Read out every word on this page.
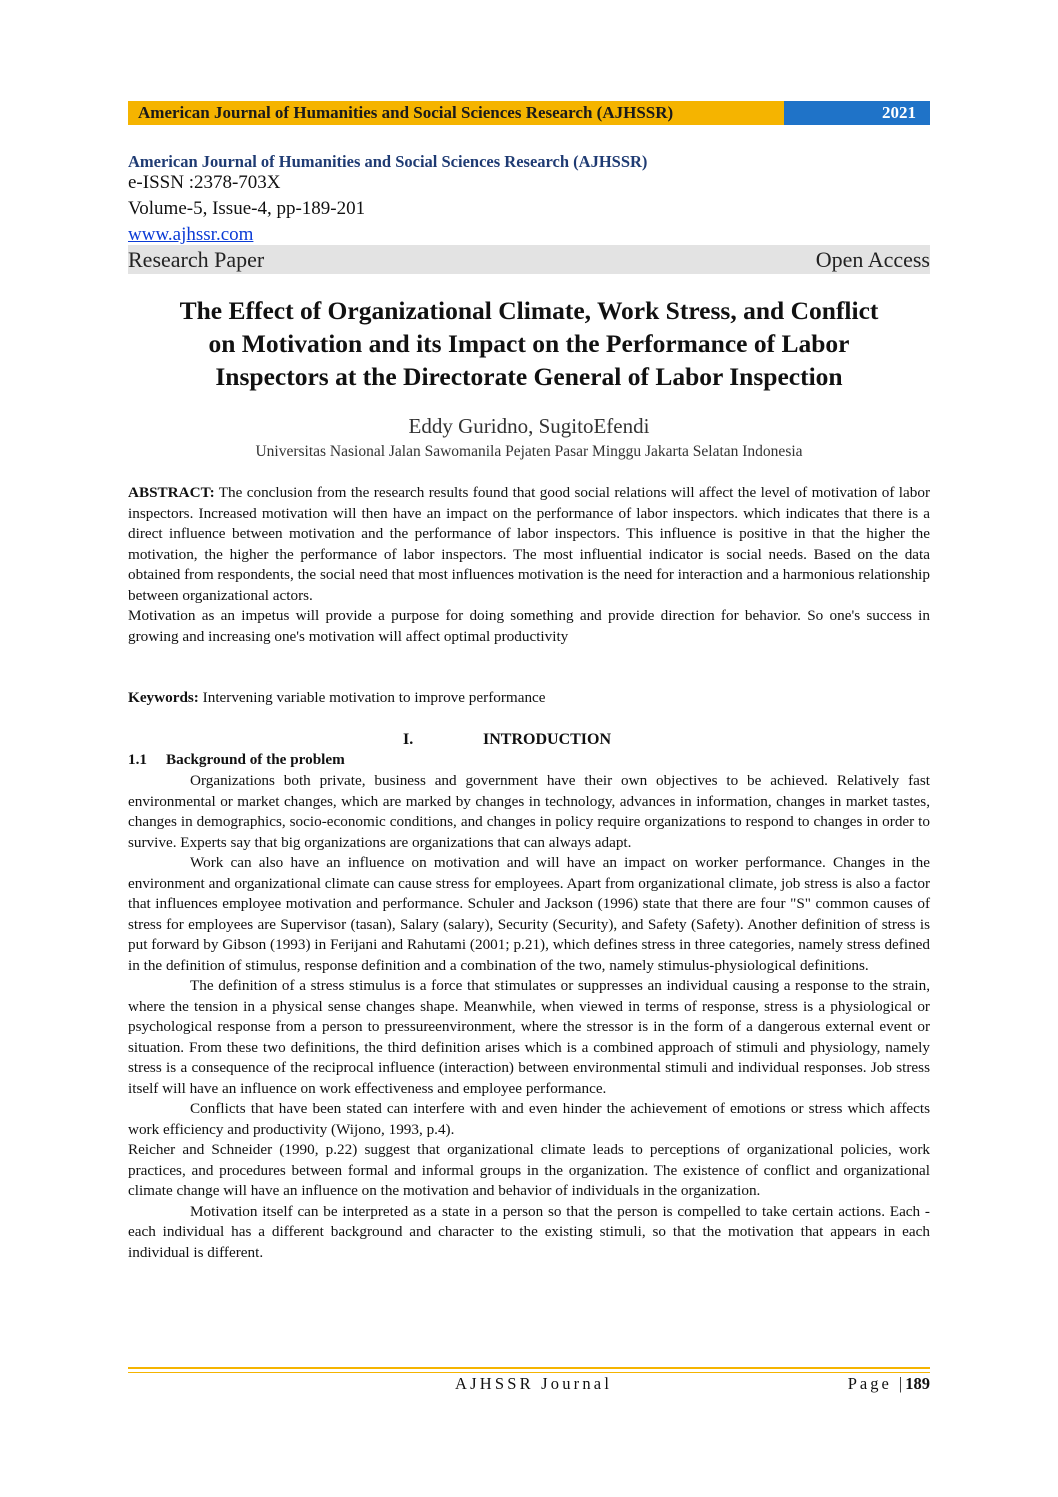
American Journal of Humanities and Social Sciences Research (AJHSSR)	2021
American Journal of Humanities and Social Sciences Research (AJHSSR)
e-ISSN :2378-703X
Volume-5, Issue-4, pp-189-201
www.ajhssr.com
Research Paper	Open Access
The Effect of Organizational Climate, Work Stress, and Conflict
on Motivation and its Impact on the Performance of Labor
Inspectors at the Directorate General of Labor Inspection
Eddy Guridno, SugitoEfendi
Universitas Nasional Jalan Sawomanila Pejaten Pasar Minggu Jakarta Selatan Indonesia

ABSTRACT: The conclusion from the research results found that good social relations will affect the level of motivation of labor inspectors. Increased motivation will then have an impact on the performance of labor inspectors. which indicates that there is a direct influence between motivation and the performance of labor inspectors. This influence is positive in that the higher the motivation, the higher the performance of labor inspectors. The most influential indicator is social needs. Based on the data obtained from respondents, the social need that most influences motivation is the need for interaction and a harmonious relationship between organizational actors.

Motivation as an impetus will provide a purpose for doing something and provide direction for behavior. So one's success in growing and increasing one's motivation will affect optimal productivity

Keywords: Intervening variable motivation to improve performance
I.	INTRODUCTION
1.1 Background of the problem

Organizations both private, business and government have their own objectives to be achieved. Relatively fast environmental or market changes, which are marked by changes in technology, advances in information, changes in market tastes, changes in demographics, socio-economic conditions, and changes in policy require organizations to respond to changes in order to survive. Experts say that big organizations are organizations that can always adapt.

Work can also have an influence on motivation and will have an impact on worker performance. Changes in the environment and organizational climate can cause stress for employees. Apart from organizational climate, job stress is also a factor that influences employee motivation and performance. Schuler and Jackson (1996) state that there are four "S" common causes of stress for employees are Supervisor (tasan), Salary (salary), Security (Security), and Safety (Safety). Another definition of stress is put forward by Gibson (1993) in Ferijani and Rahutami (2001; p.21), which defines stress in three categories, namely stress defined in the definition of stimulus, response definition and a combination of the two, namely stimulus-physiological definitions.

The definition of a stress stimulus is a force that stimulates or suppresses an individual causing a response to the strain, where the tension in a physical sense changes shape. Meanwhile, when viewed in terms of response, stress is a physiological or psychological response from a person to pressureenvironment, where the stressor is in the form of a dangerous external event or situation. From these two definitions, the third definition arises which is a combined approach of stimuli and physiology, namely stress is a consequence of the reciprocal influence (interaction) between environmental stimuli and individual responses. Job stress itself will have an influence on work effectiveness and employee performance.

Conflicts that have been stated can interfere with and even hinder the achievement of emotions or stress which affects work efficiency and productivity (Wijono, 1993, p.4).

Reicher and Schneider (1990, p.22) suggest that organizational climate leads to perceptions of organizational policies, work practices, and procedures between formal and informal groups in the organization. The existence of conflict and organizational climate change will have an influence on the motivation and behavior of individuals in the organization.

Motivation itself can be interpreted as a state in a person so that the person is compelled to take certain actions. Each - each individual has a different background and character to the existing stimuli, so that the motivation that appears in each individual is different.

AJHSSR Journal	Page |189
